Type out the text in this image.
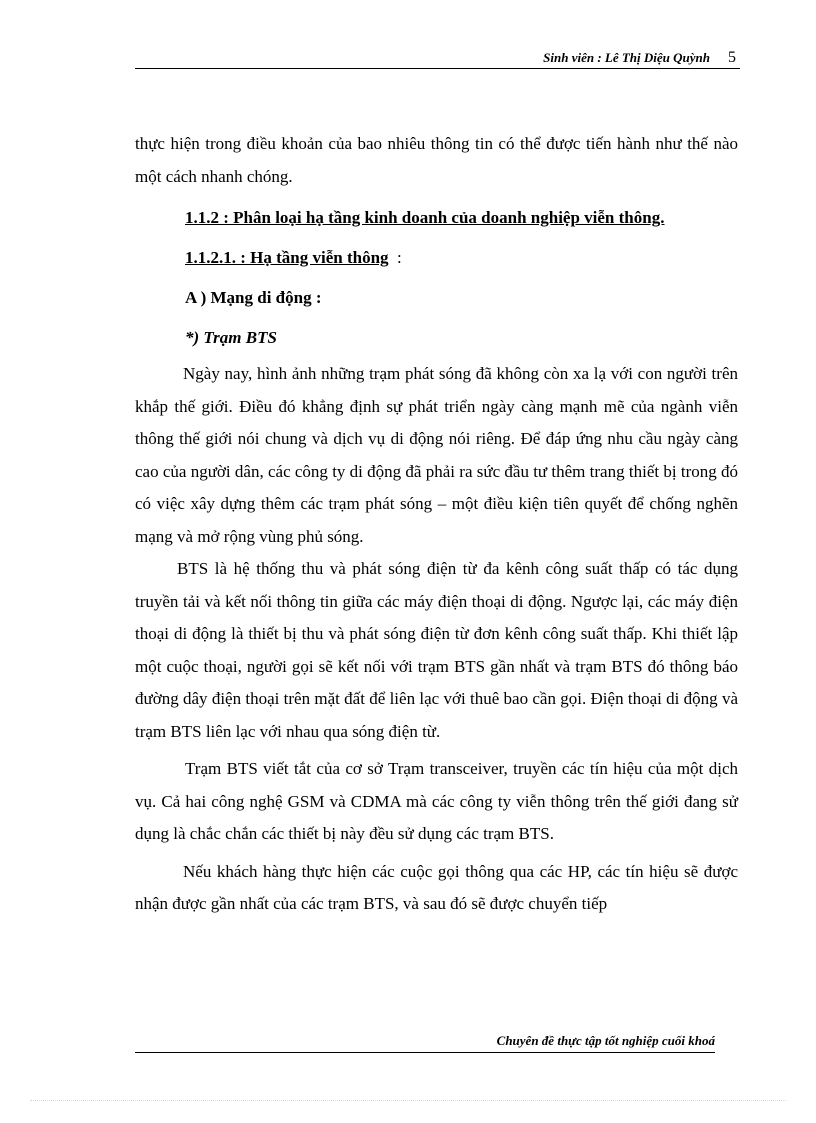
Sinh viên : Lê Thị Diệu Quỳnh 5

thực hiện trong điều khoản của bao nhiêu thông tin có thể được tiến hành như thế nào một cách nhanh chóng.

1.1.2 : Phân loại hạ tầng kinh doanh của doanh nghiệp viễn thông.

1.1.2.1. : Hạ tầng viễn thông :

A ) Mạng di động :

*) Trạm BTS

Ngày nay, hình ảnh những trạm phát sóng đã không còn xa lạ với con người trên khắp thế giới. Điều đó khẳng định sự phát triển ngày càng mạnh mẽ của ngành viễn thông thế giới nói chung và dịch vụ di động nói riêng. Để đáp ứng nhu cầu ngày càng cao của người dân, các công ty di động đã phải ra sức đầu tư thêm trang thiết bị trong đó có việc xây dựng thêm các trạm phát sóng – một điều kiện tiên quyết để chống nghẽn mạng và mở rộng vùng phủ sóng.

BTS là hệ thống thu và phát sóng điện từ đa kênh công suất thấp có tác dụng truyền tải và kết nối thông tin giữa các máy điện thoại di động. Ngược lại, các máy điện thoại di động là thiết bị thu và phát sóng điện từ đơn kênh công suất thấp. Khi thiết lập một cuộc thoại, người gọi sẽ kết nối với trạm BTS gần nhất và trạm BTS đó thông báo đường dây điện thoại trên mặt đất để liên lạc với thuê bao cần gọi. Điện thoại di động và trạm BTS liên lạc với nhau qua sóng điện từ.

Trạm BTS viết tắt của cơ sở Trạm transceiver, truyền các tín hiệu của một dịch vụ. Cả hai công nghệ GSM và CDMA mà các công ty viễn thông trên thế giới đang sử dụng là chắc chắn các thiết bị này đều sử dụng các trạm BTS.

Nếu khách hàng thực hiện các cuộc gọi thông qua các HP, các tín hiệu sẽ được nhận được gần nhất của các trạm BTS, và sau đó sẽ được chuyển tiếp

Chuyên đề thực tập tốt nghiệp cuối khoá
